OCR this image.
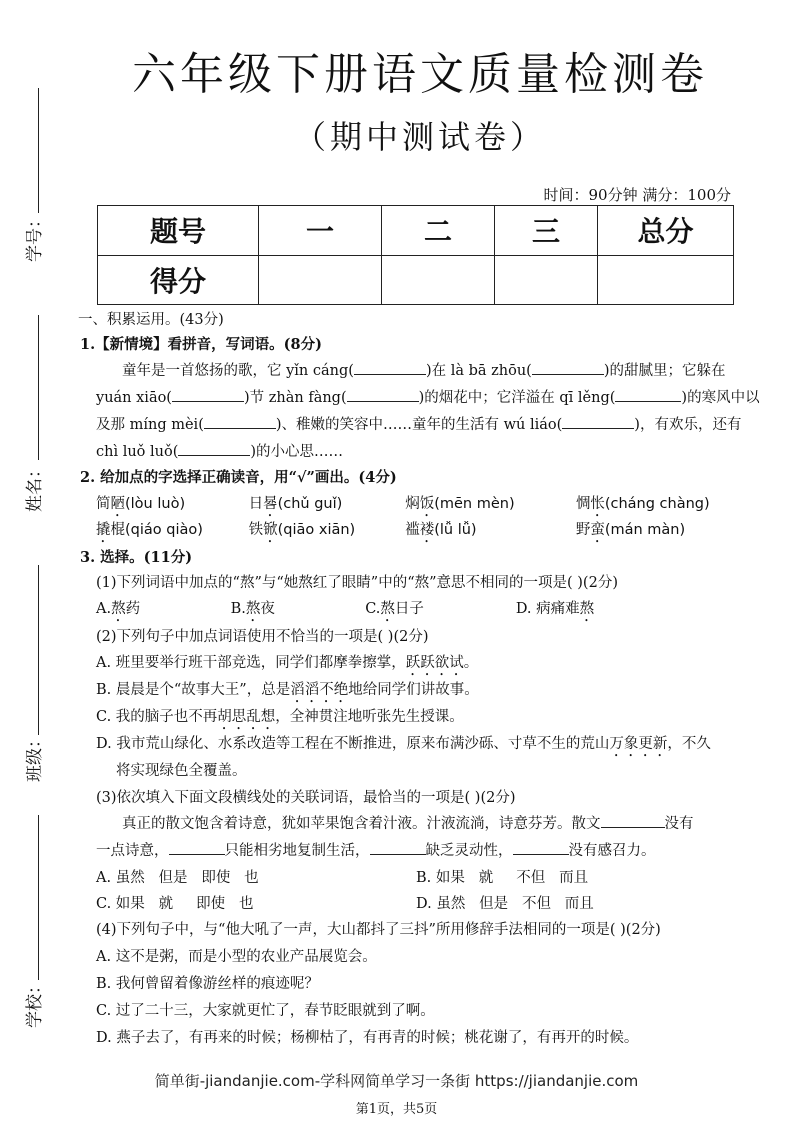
六年级下册语文质量检测卷
（期中测试卷）
时间：90分钟 满分：100分
题号	一	二	三	总分
得分				
学号：
姓名：
班级：
学校：
一、积累运用。(43分)
1.【新情境】看拼音，写词语。(8分)
童年是一首悠扬的歌，它 yǐn cáng(	)在 là bā zhōu(	)的甜腻里；它躲在
yuán xiāo(	)节 zhàn fàng(	)的烟花中；它洋溢在 qī lěng(	)的寒风中以
及那 míng mèi(	)、稚嫩的笑容中……童年的生活有 wú liáo(	)，有欢乐，还有
chì luǒ luǒ(	)的小心思……
2. 给加点的字选择正确读音，用“√”画出。(4分)
简陋(lòu luò)	日晷(chǔ guǐ)	焖饭(mēn mèn)	惆怅(cháng chàng)
撬棍(qiáo qiào)	铁锨(qiāo xiān)	褴褛(lǚ lǚ)	野蛮(mán màn)
3. 选择。(11分)
(1)下列词语中加点的“熬”与“她熬红了眼睛”中的“熬”意思不相同的一项是( )(2分)
A.熬药	B.熬夜	C.熬日子	D. 病痛难熬
(2)下列句子中加点词语使用不恰当的一项是( )(2分)
A. 班里要举行班干部竞选，同学们都摩拳擦掌，跃跃欲试。
B. 晨晨是个“故事大王”，总是滔滔不绝地给同学们讲故事。
C. 我的脑子也不再胡思乱想，全神贯注地听张先生授课。
D. 我市荒山绿化、水系改造等工程在不断推进，原来布满沙砾、寸草不生的荒山万象更新，不久
将实现绿色全覆盖。
(3)依次填入下面文段横线处的关联词语，最恰当的一项是( )(2分)
真正的散文饱含着诗意，犹如苹果饱含着汁液。汁液流淌，诗意芬芳。散文	没有
一点诗意，	只能相劣地复制生活，	缺乏灵动性，	没有感召力。
A. 虽然   但是   即使   也	B. 如果   就     不但   而且
C. 如果   就     即使   也	D. 虽然   但是   不但   而且
(4)下列句子中，与“他大吼了一声，大山都抖了三抖”所用修辞手法相同的一项是( )(2分)
A. 这不是粥，而是小型的农业产品展览会。
B. 我何曾留着像游丝样的痕迹呢？
C. 过了二十三，大家就更忙了，春节眨眼就到了啊。
D. 燕子去了，有再来的时候；杨柳枯了，有再青的时候；桃花谢了，有再开的时候。
简单街-jiandanjie.com-学科网简单学习一条街 https://jiandanjie.com
第1页，共5页
